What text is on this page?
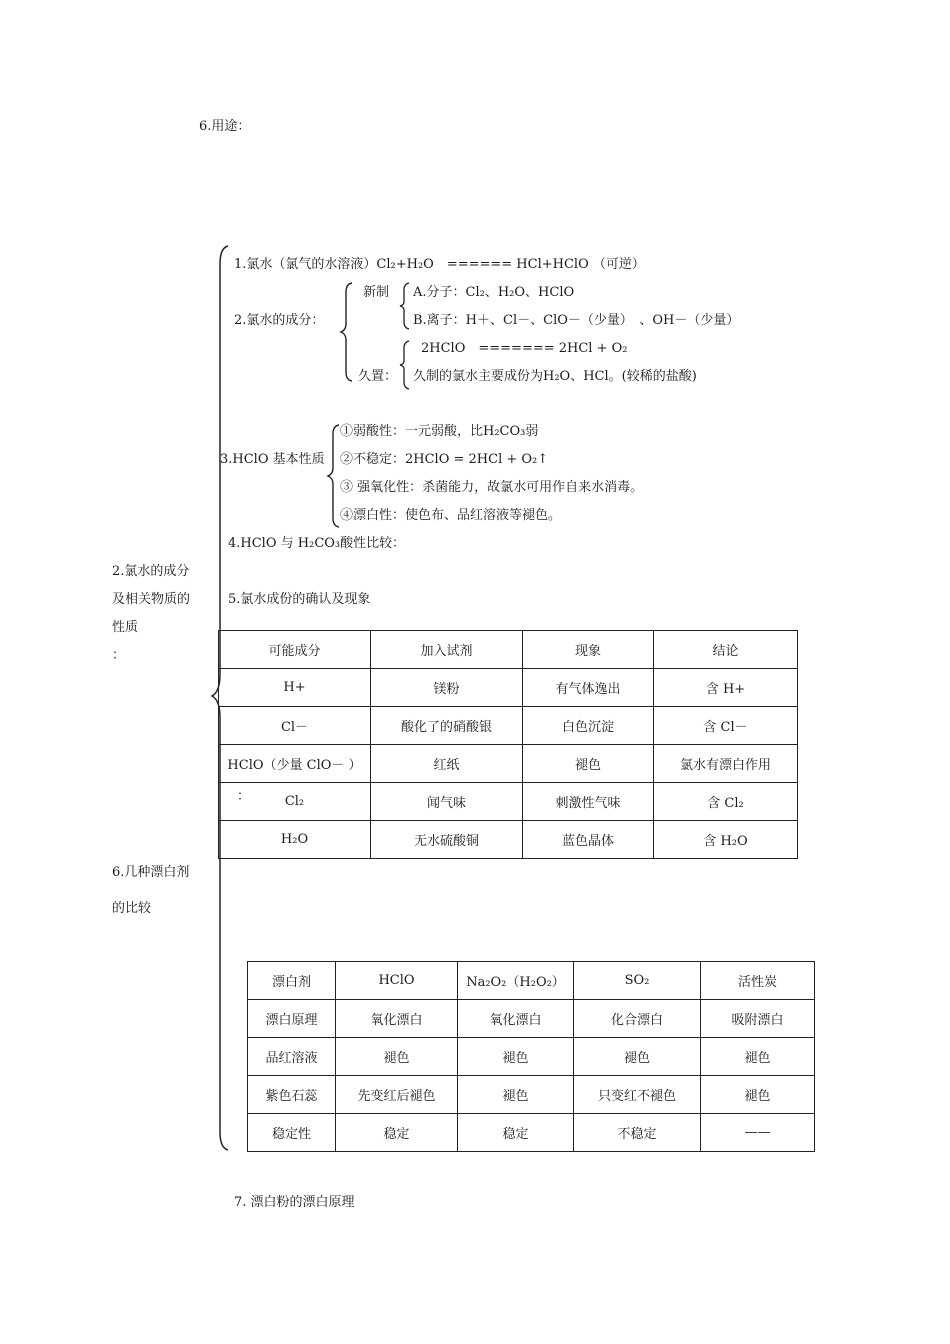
6.用途：
2.氯水的成分
及相关物质的
性质
：
6.几种漂白剂
的比较
1.氯水（氯气的水溶液）Cl₂+H₂O　====== HCl+HClO （可逆）
2.氯水的成分：
新制 A.分子：Cl₂、H₂O、HClO
B.离子：H＋、Cl－、ClO－（少量）　、OH－（少量）
久置：
2HClO　======= 2HCl + O₂
久制的氯水主要成份为H₂O、HCl。(较稀的盐酸)
3.HClO 基本性质
①弱酸性：一元弱酸，比H₂CO₃弱
②不稳定：2HClO = 2HCl + O₂↑
③ 强氧化性：杀菌能力，故氯水可用作自来水消毒。
④漂白性：使色布、品红溶液等褪色。
4.HClO 与 H₂CO₃酸性比较：
5.氯水成份的确认及现象
可能成分	加入试剂	现象	结论
H+	镁粉	有气体逸出	含 H+
Cl－	酸化了的硝酸银	白色沉淀	含 Cl－
HClO（少量 ClO－ ）	红纸	褪色	氯水有漂白作用

： Cl₂	闻气味	刺激性气味	含 Cl₂
H₂O	无水硫酸铜	蓝色晶体	含 H₂O
漂白剂	HClO	Na₂O₂（H₂O₂）	SO₂	活性炭
漂白原理	氧化漂白	氧化漂白	化合漂白	吸附漂白
品红溶液	褪色	褪色	褪色	褪色
紫色石蕊	先变红后褪色	褪色	只变红不褪色	褪色
稳定性	稳定	稳定	不稳定	——
7. 漂白粉的漂白原理
